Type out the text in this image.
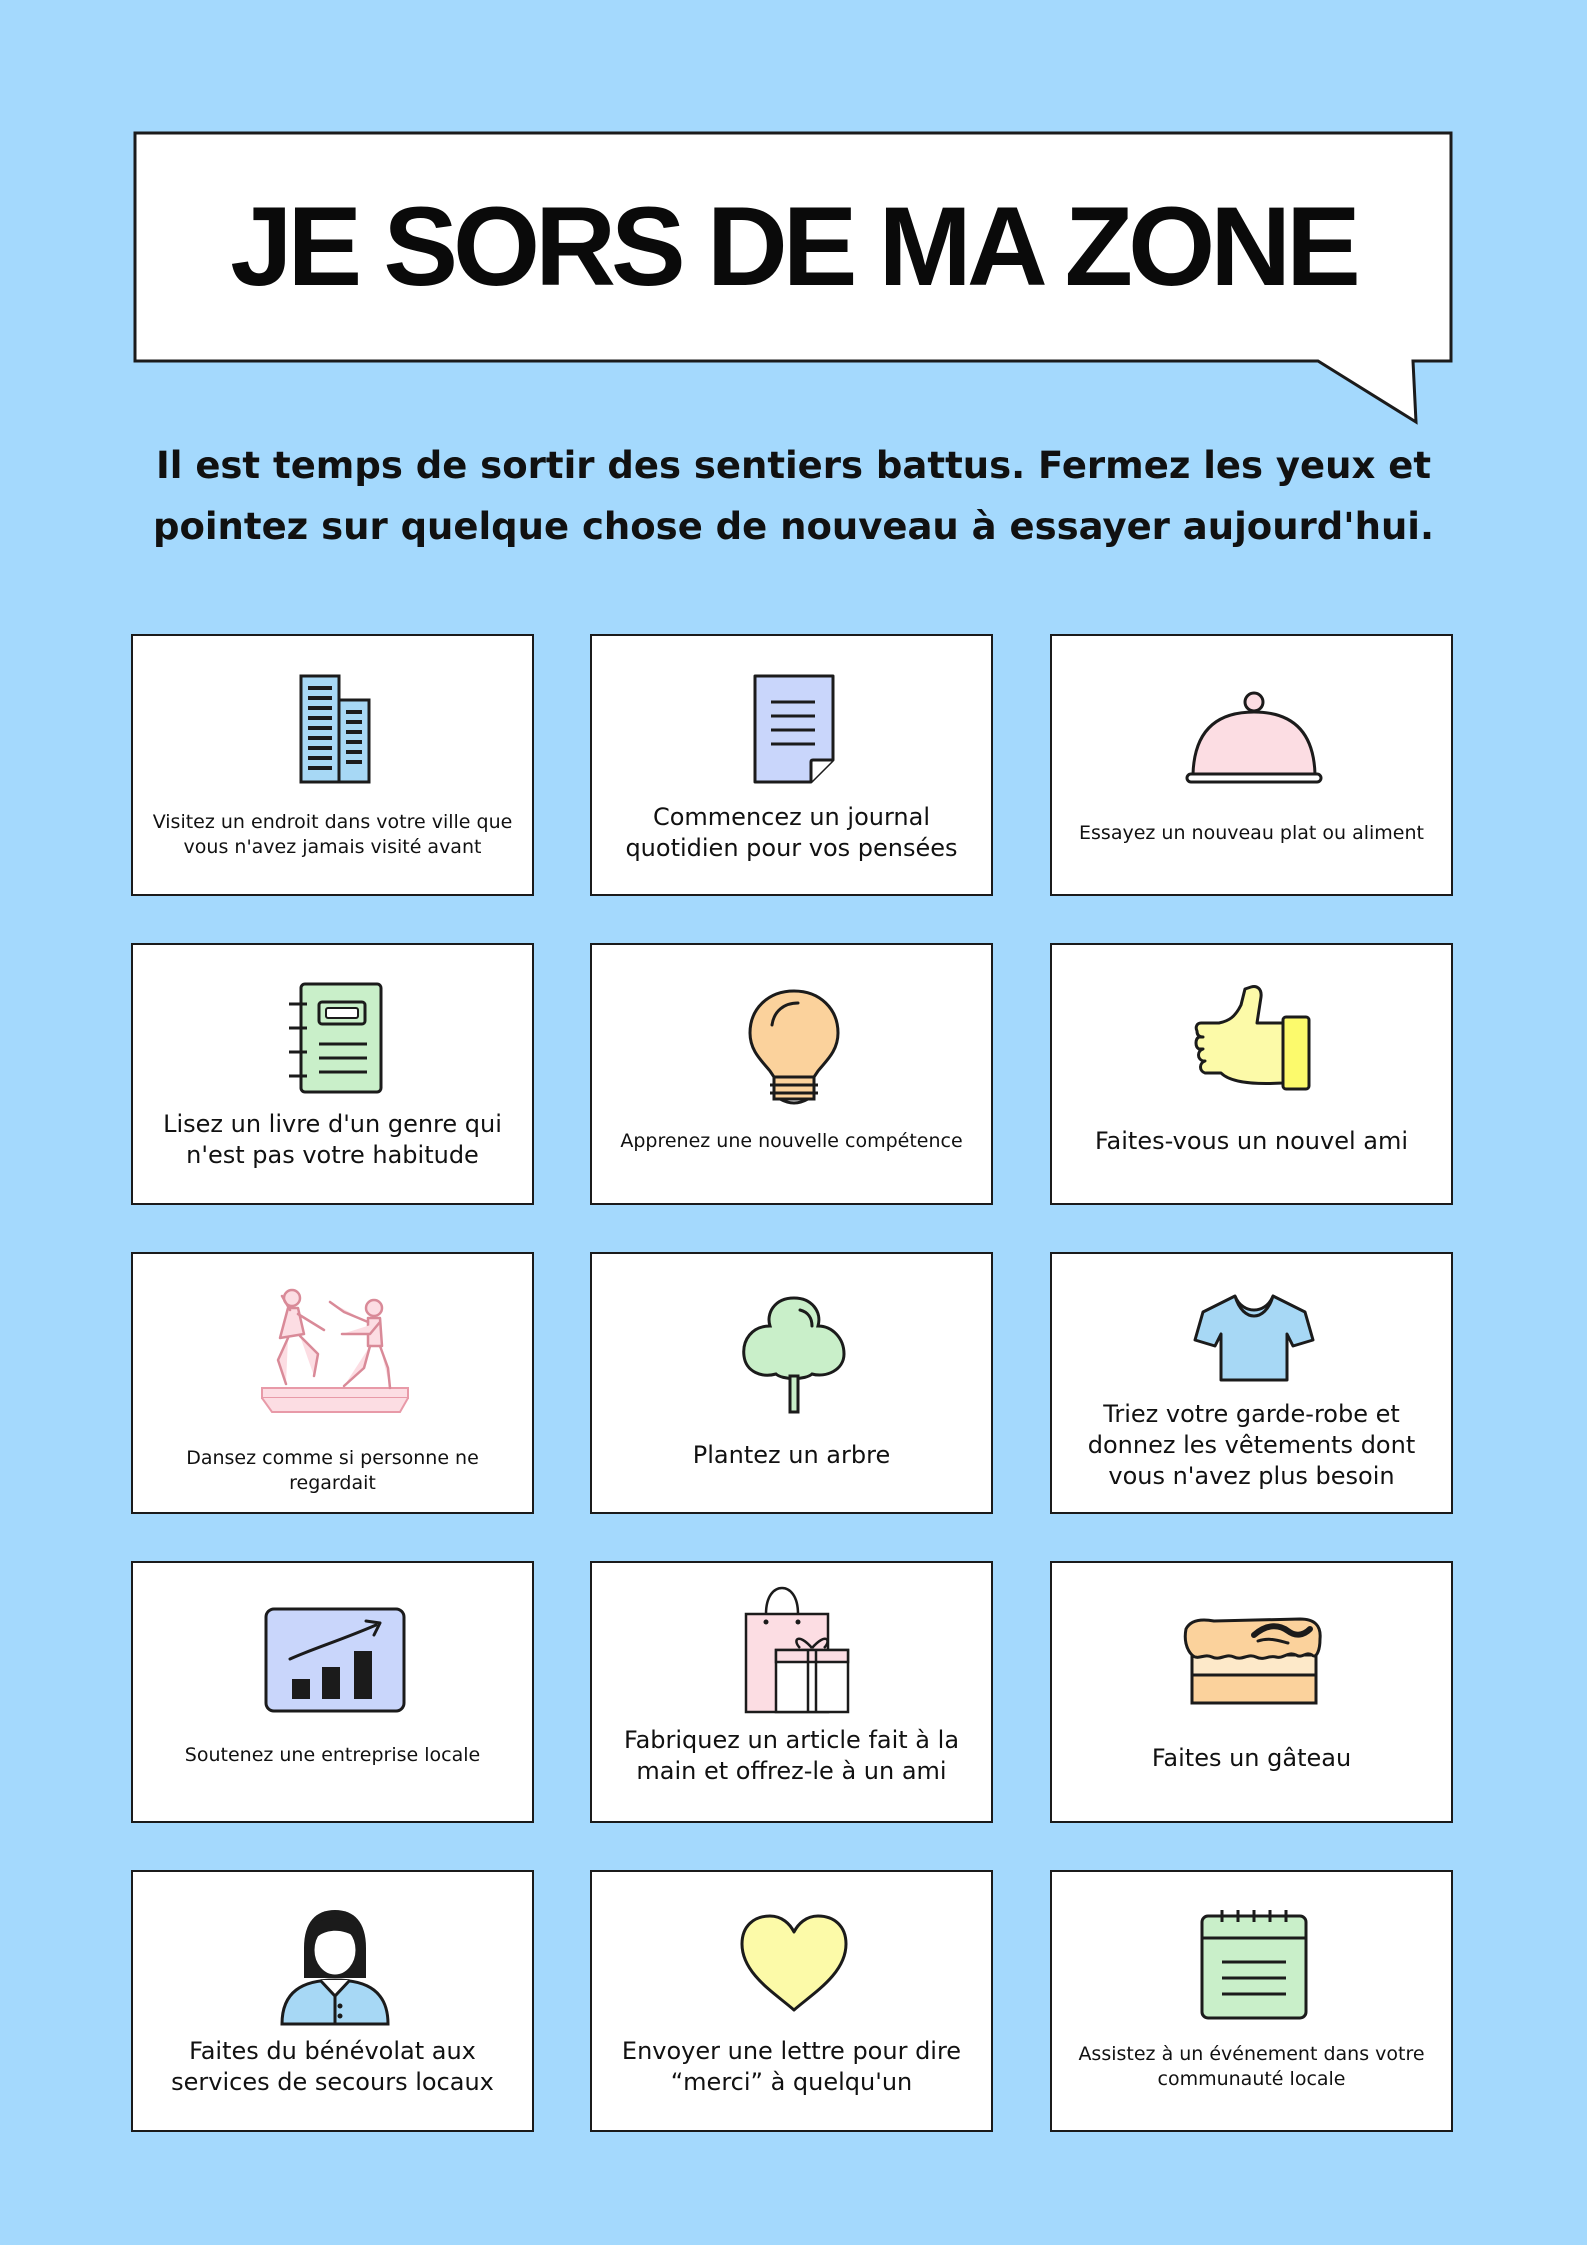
JE SORS DE MA ZONE

Il est temps de sortir des sentiers battus. Fermez les yeux et pointez sur quelque chose de nouveau à essayer aujourd'hui.

Visitez un endroit dans votre ville que vous n'avez jamais visité avant
Commencez un journal quotidien pour vos pensées
Essayez un nouveau plat ou aliment
Lisez un livre d'un genre qui n'est pas votre habitude	Apprenez une nouvelle compétence	Faites-vous un nouvel ami
Dansez comme si personne ne regardait
Plantez un arbre
Triez votre garde-robe et donnez les vêtements dont vous n'avez plus besoin
Soutenez une entreprise locale
Fabriquez un article fait à la main et offrez-le à un ami	Faites un gâteau
Faites du bénévolat aux services de secours locaux
Envoyer une lettre pour dire “merci” à quelqu'un
Assistez à un événement dans votre communauté locale
